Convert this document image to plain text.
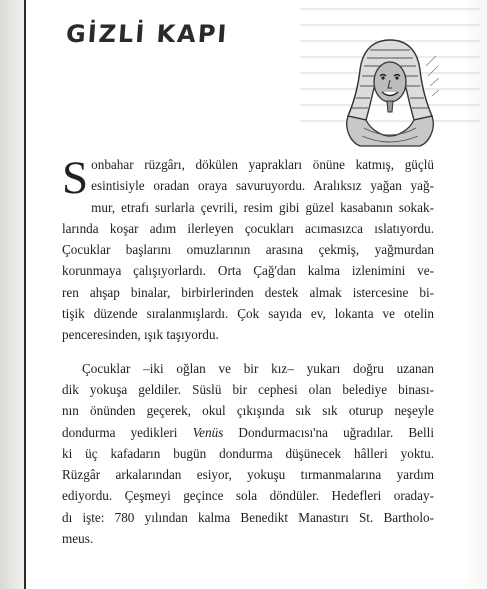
GİZLİ KAPI

S onbahar rüzgârı, dökülen yaprakları önüne katmış, güçlü
esintisiyle oradan oraya savuruyordu. Aralıksız yağan yağ-
mur, etrafı surlarla çevrili, resim gibi güzel kasabanın sokak-
larında koşar adım ilerleyen çocukları acımasızca ıslatıyordu.
Çocuklar başlarını omuzlarının arasına çekmiş, yağmurdan
korunmaya çalışıyorlardı. Orta Çağ'dan kalma izlenimini ve-
ren ahşap binalar, birbirlerinden destek almak istercesine bi-
tişik düzende sıralanmışlardı. Çok sayıda ev, lokanta ve otelin
penceresinden, ışık taşıyordu.

Çocuklar –iki oğlan ve bir kız– yukarı doğru uzanan
dik yokuşa geldiler. Süslü bir cephesi olan belediye binası-
nın önünden geçerek, okul çıkışında sık sık oturup neşeyle
dondurma yedikleri Venüs Dondurmacısı'na uğradılar. Belli
ki üç kafadarın bugün dondurma düşünecek hâlleri yoktu.
Rüzgâr arkalarından esiyor, yokuşu tırmanmalarına yardım
ediyordu. Çeşmeyi geçince sola döndüler. Hedefleri oraday-
dı işte: 780 yılından kalma Benedikt Manastırı St. Bartholo-
meus.
